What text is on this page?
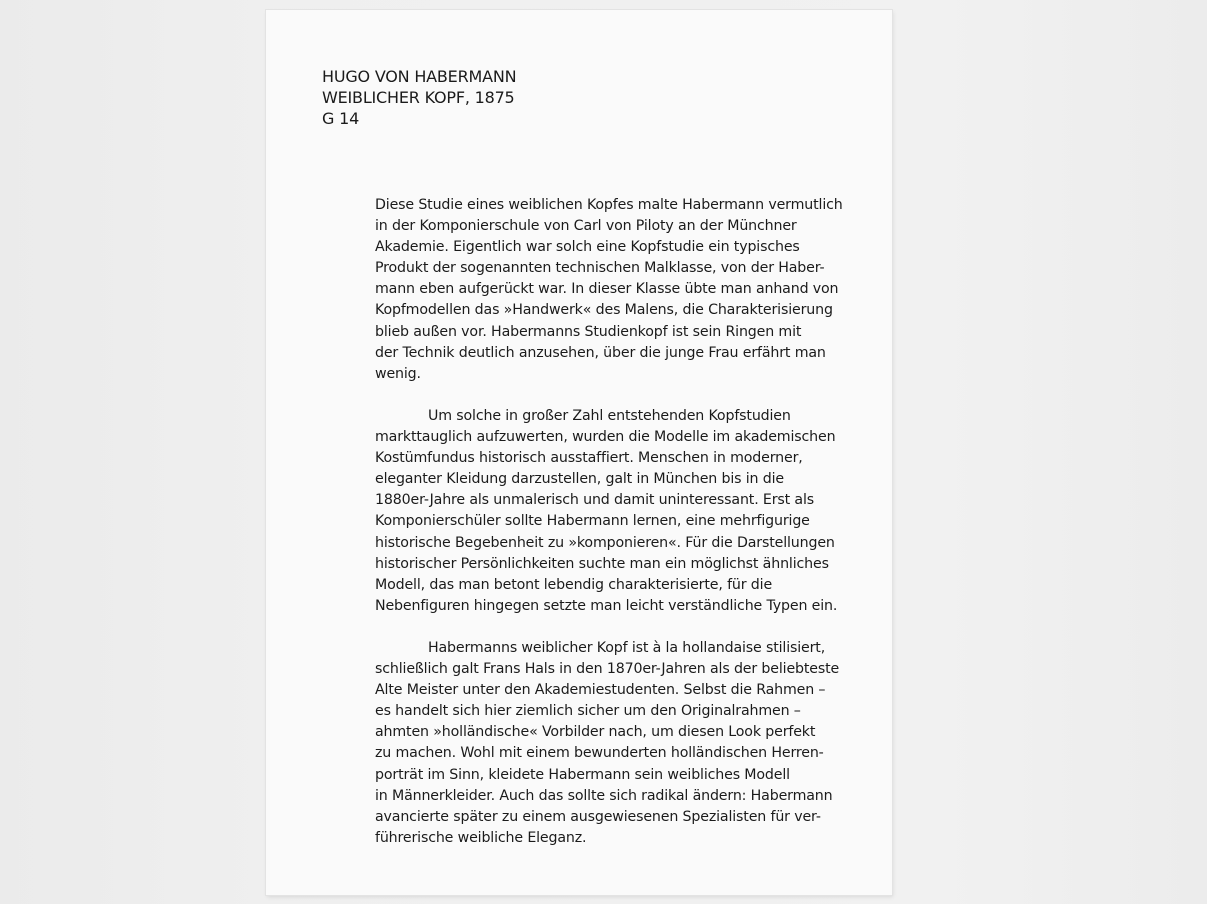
HUGO VON HABERMANN
WEIBLICHER KOPF, 1875
G 14
Diese Studie eines weiblichen Kopfes malte Habermann vermutlich
in der Komponierschule von Carl von Piloty an der Münchner
Akademie. Eigentlich war solch eine Kopfstudie ein typisches
Produkt der sogenannten technischen Malklasse, von der Haber-
mann eben aufgerückt war. In dieser Klasse übte man anhand von
Kopfmodellen das »Handwerk« des Malens, die Charakterisierung
blieb außen vor. Habermanns Studienkopf ist sein Ringen mit
der Technik deutlich anzusehen, über die junge Frau erfährt man
wenig.
Um solche in großer Zahl entstehenden Kopfstudien
markttauglich aufzuwerten, wurden die Modelle im akademischen
Kostümfundus historisch ausstaffiert. Menschen in moderner,
eleganter Kleidung darzustellen, galt in München bis in die
1880er-Jahre als unmalerisch und damit uninteressant. Erst als
Komponierschüler sollte Habermann lernen, eine mehrfigurige
historische Begebenheit zu »komponieren«. Für die Darstellungen
historischer Persönlichkeiten suchte man ein möglichst ähnliches
Modell, das man betont lebendig charakterisierte, für die
Nebenfiguren hingegen setzte man leicht verständliche Typen ein.
Habermanns weiblicher Kopf ist à la hollandaise stilisiert,
schließlich galt Frans Hals in den 1870er-Jahren als der beliebteste
Alte Meister unter den Akademiestudenten. Selbst die Rahmen –
es handelt sich hier ziemlich sicher um den Originalrahmen –
ahmten »holländische« Vorbilder nach, um diesen Look perfekt
zu machen. Wohl mit einem bewunderten holländischen Herren-
porträt im Sinn, kleidete Habermann sein weibliches Modell
in Männerkleider. Auch das sollte sich radikal ändern: Habermann
avancierte später zu einem ausgewiesenen Spezialisten für ver-
führerische weibliche Eleganz.
